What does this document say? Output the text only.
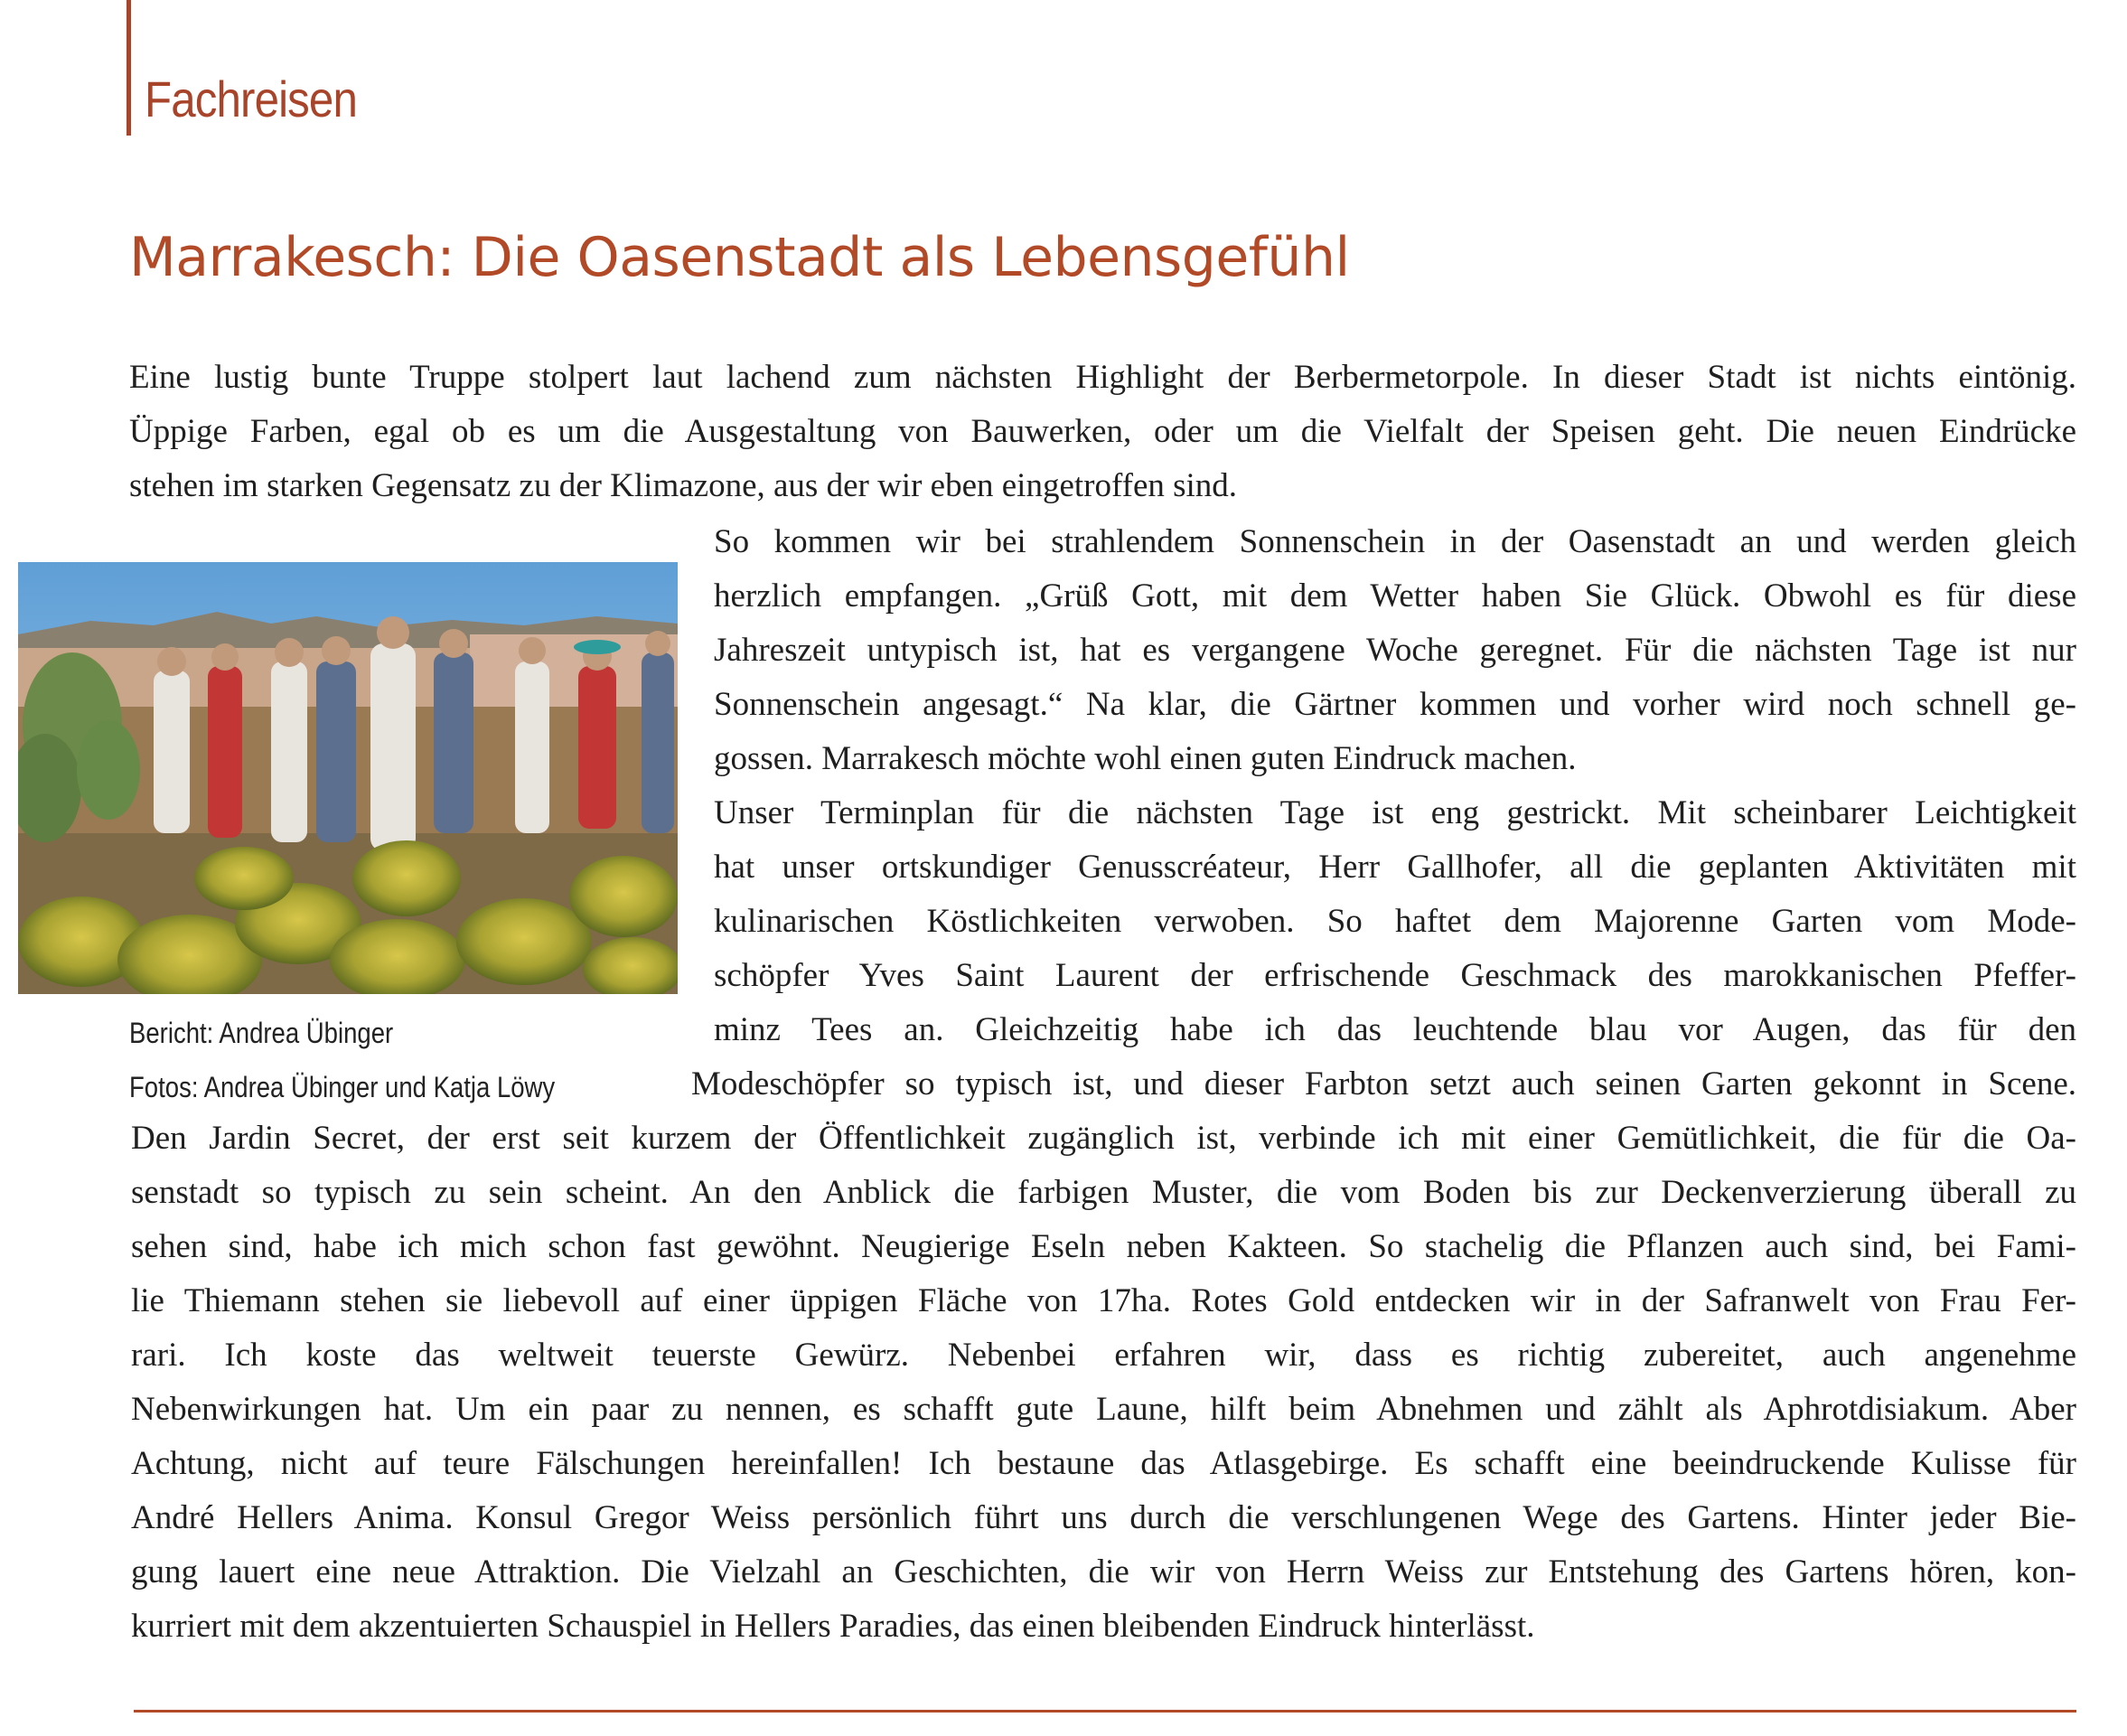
Fachreisen
Marrakesch: Die Oasenstadt als Lebensgefühl
Eine lustig bunte Truppe stolpert laut lachend zum nächsten Highlight der Berbermetorpole. In dieser Stadt ist nichts eintönig.
Üppige Farben, egal ob es um die Ausgestaltung von Bauwerken, oder um die Vielfalt der Speisen geht. Die neuen Eindrücke
stehen im starken Gegensatz zu der Klimazone, aus der wir eben eingetroffen sind.
So kommen wir bei strahlendem Sonnenschein in der Oasenstadt an und werden gleich
herzlich empfangen. „Grüß Gott, mit dem Wetter haben Sie Glück. Obwohl es für diese
Jahreszeit untypisch ist, hat es vergangene Woche geregnet. Für die nächsten Tage ist nur
Sonnenschein angesagt.“ Na klar, die Gärtner kommen und vorher wird noch schnell ge-
gossen. Marrakesch möchte wohl einen guten Eindruck machen.
Unser Terminplan für die nächsten Tage ist eng gestrickt. Mit scheinbarer Leichtigkeit
hat unser ortskundiger Genusscréateur, Herr Gallhofer, all die geplanten Aktivitäten mit
kulinarischen Köstlichkeiten verwoben. So haftet dem Majorenne Garten vom Mode-
schöpfer Yves Saint Laurent der erfrischende Geschmack des marokkanischen Pfeffer-
minz Tees an. Gleichzeitig habe ich das leuchtende blau vor Augen, das für den
Modeschöpfer so typisch ist, und dieser Farbton setzt auch seinen Garten gekonnt in Scene.
Bericht: Andrea Übinger
Fotos: Andrea Übinger und Katja Löwy
Den Jardin Secret, der erst seit kurzem der Öffentlichkeit zugänglich ist, verbinde ich mit einer Gemütlichkeit, die für die Oa-
senstadt so typisch zu sein scheint. An den Anblick die farbigen Muster, die vom Boden bis zur Deckenverzierung überall zu
sehen sind, habe ich mich schon fast gewöhnt. Neugierige Eseln neben Kakteen. So stachelig die Pflanzen auch sind, bei Fami-
lie Thiemann stehen sie liebevoll auf einer üppigen Fläche von 17ha. Rotes Gold entdecken wir in der Safranwelt von Frau Fer-
rari. Ich koste das weltweit teuerste Gewürz. Nebenbei erfahren wir, dass es richtig zubereitet, auch angenehme
Nebenwirkungen hat. Um ein paar zu nennen, es schafft gute Laune, hilft beim Abnehmen und zählt als Aphrotdisiakum. Aber
Achtung, nicht auf teure Fälschungen hereinfallen! Ich bestaune das Atlasgebirge. Es schafft eine beeindruckende Kulisse für
André Hellers Anima. Konsul Gregor Weiss persönlich führt uns durch die verschlungenen Wege des Gartens. Hinter jeder Bie-
gung lauert eine neue Attraktion. Die Vielzahl an Geschichten, die wir von Herrn Weiss zur Entstehung des Gartens hören, kon-
kurriert mit dem akzentuierten Schauspiel in Hellers Paradies, das einen bleibenden Eindruck hinterlässt.
